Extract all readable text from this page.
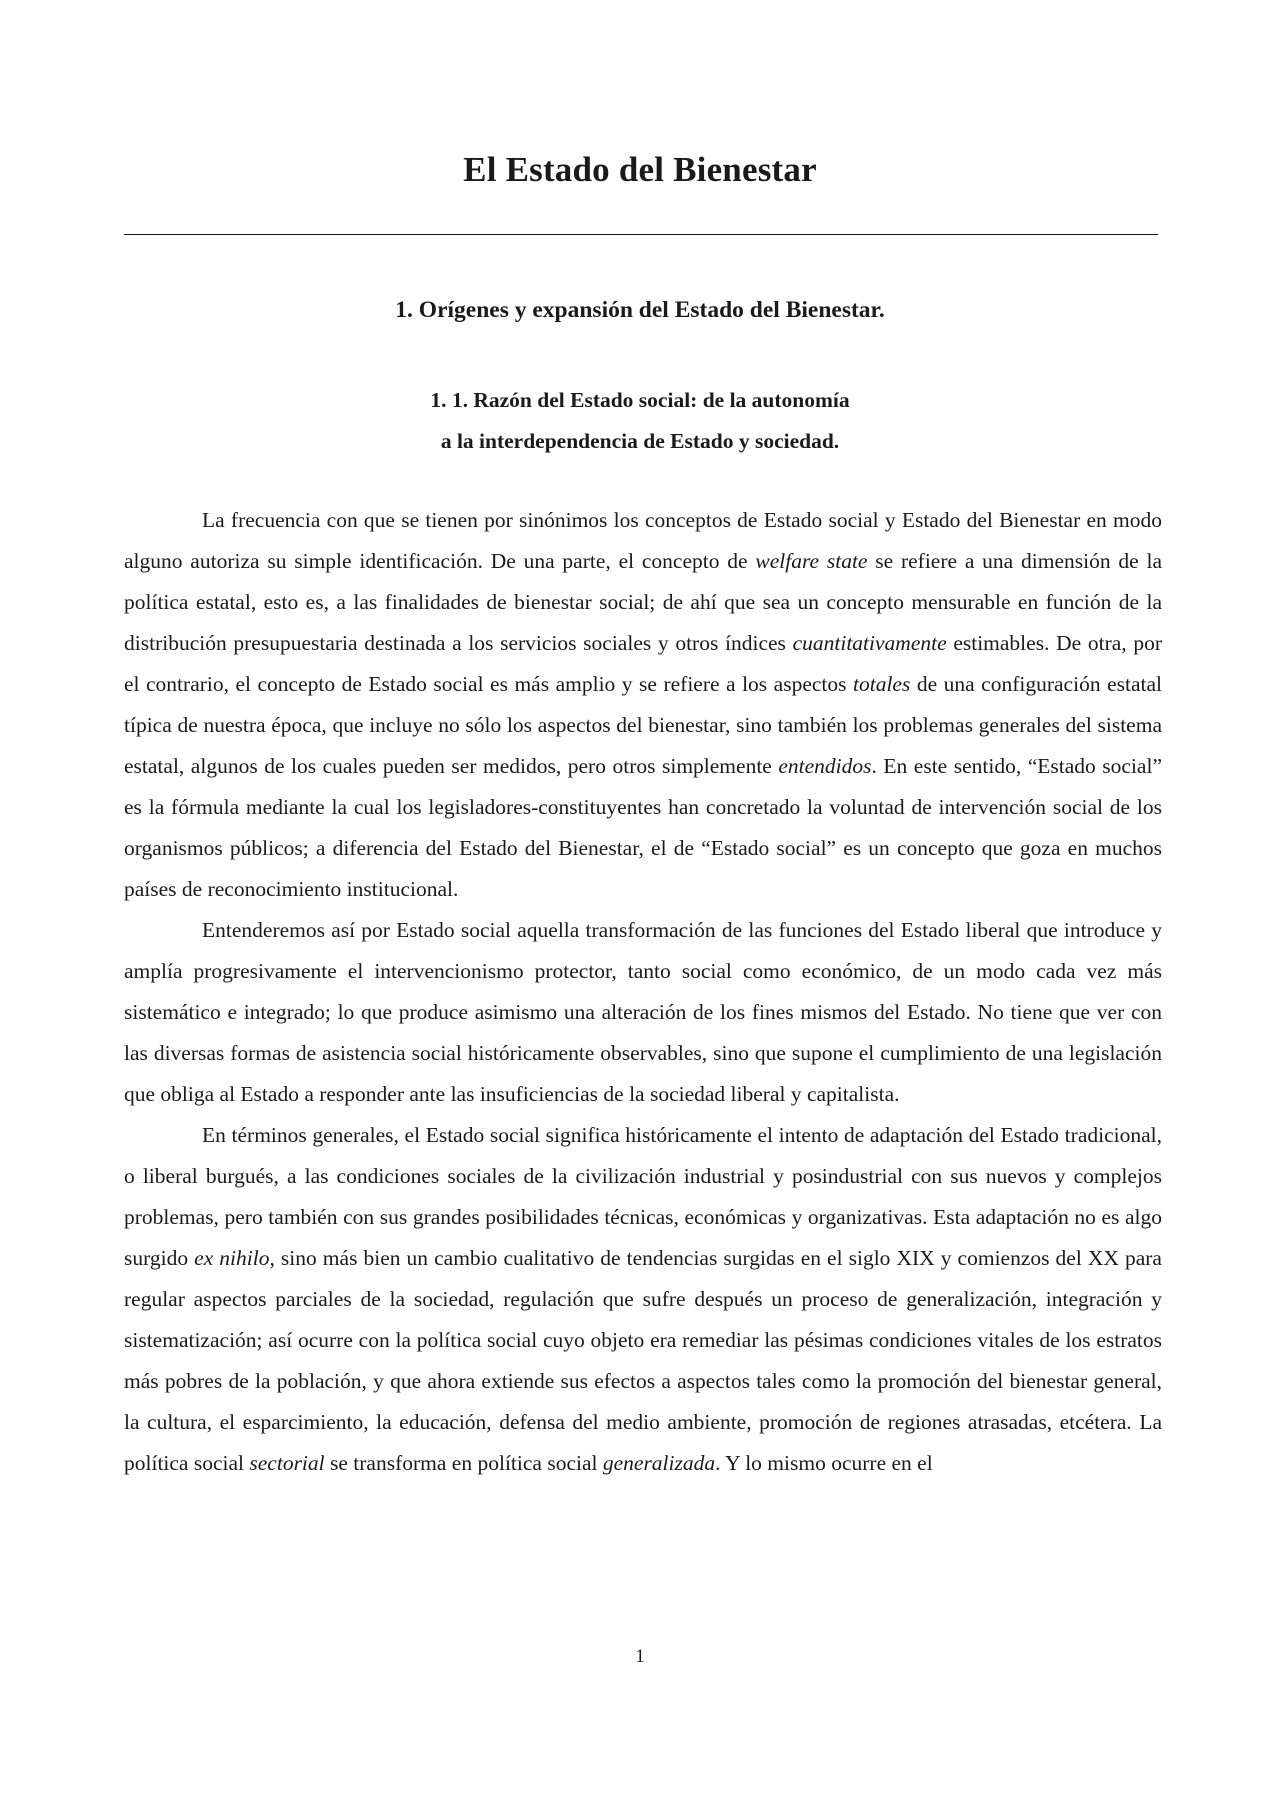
El Estado del Bienestar
1. Orígenes y expansión del Estado del Bienestar.
1. 1. Razón del Estado social: de la autonomía
a la interdependencia de Estado y sociedad.

La frecuencia con que se tienen por sinónimos los conceptos de Estado social y Estado del Bienestar en modo alguno autoriza su simple identificación. De una parte, el concepto de welfare state se refiere a una dimensión de la política estatal, esto es, a las finalidades de bienestar social; de ahí que sea un concepto mensurable en función de la distribución presupuestaria destinada a los servicios sociales y otros índices cuantitativamente estimables. De otra, por el contrario, el concepto de Estado social es más amplio y se refiere a los aspectos totales de una configuración estatal típica de nuestra época, que incluye no sólo los aspectos del bienestar, sino también los problemas generales del sistema estatal, algunos de los cuales pueden ser medidos, pero otros simplemente entendidos. En este sentido, “Estado social” es la fórmula mediante la cual los legisladores-constituyentes han concretado la voluntad de intervención social de los organismos públicos; a diferencia del Estado del Bienestar, el de “Estado social” es un concepto que goza en muchos países de reconocimiento institucional.

Entenderemos así por Estado social aquella transformación de las funciones del Estado liberal que introduce y amplía progresivamente el intervencionismo protector, tanto social como económico, de un modo cada vez más sistemático e integrado; lo que produce asimismo una alteración de los fines mismos del Estado. No tiene que ver con las diversas formas de asistencia social históricamente observables, sino que supone el cumplimiento de una legislación que obliga al Estado a responder ante las insuficiencias de la sociedad liberal y capitalista.

En términos generales, el Estado social significa históricamente el intento de adaptación del Estado tradicional, o liberal burgués, a las condiciones sociales de la civilización industrial y posindustrial con sus nuevos y complejos problemas, pero también con sus grandes posibilidades técnicas, económicas y organizativas. Esta adaptación no es algo surgido ex nihilo, sino más bien un cambio cualitativo de tendencias surgidas en el siglo XIX y comienzos del XX para regular aspectos parciales de la sociedad, regulación que sufre después un proceso de generalización, integración y sistematización; así ocurre con la política social cuyo objeto era remediar las pésimas condiciones vitales de los estratos más pobres de la población, y que ahora extiende sus efectos a aspectos tales como la promoción del bienestar general, la cultura, el esparcimiento, la educación, defensa del medio ambiente, promoción de regiones atrasadas, etcétera. La política social sectorial se transforma en política social generalizada. Y lo mismo ocurre en el

1
